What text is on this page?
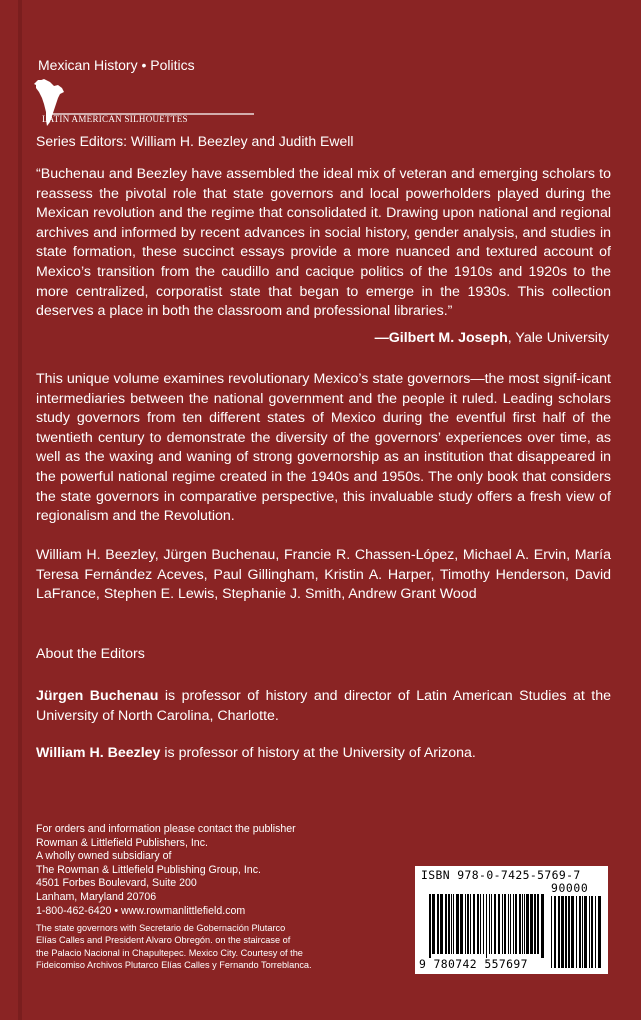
Mexican History • Politics
LATIN AMERICAN SILHOUETTES
Series Editors: William H. Beezley and Judith Ewell
“Buchenau and Beezley have assembled the ideal mix of veteran and emerging scholars to reassess the pivotal role that state governors and local powerholders played during the Mexican revolution and the regime that consolidated it. Drawing upon national and regional archives and informed by recent advances in social history, gender analysis, and studies in state formation, these succinct essays provide a more nuanced and textured account of Mexico’s transition from the caudillo and cacique politics of the 1910s and 1920s to the more centralized, corporatist state that began to emerge in the 1930s. This collection deserves a place in both the classroom and professional libraries.”
—Gilbert M. Joseph, Yale University
This unique volume examines revolutionary Mexico’s state governors—the most signif-icant intermediaries between the national government and the people it ruled. Leading scholars study governors from ten different states of Mexico during the eventful first half of the twentieth century to demonstrate the diversity of the governors’ experiences over time, as well as the waxing and waning of strong governorship as an institution that disappeared in the powerful national regime created in the 1940s and 1950s. The only book that considers the state governors in comparative perspective, this invaluable study offers a fresh view of regionalism and the Revolution.
William H. Beezley, Jürgen Buchenau, Francie R. Chassen-López, Michael A. Ervin, María Teresa Fernández Aceves, Paul Gillingham, Kristin A. Harper, Timothy Henderson, David LaFrance, Stephen E. Lewis, Stephanie J. Smith, Andrew Grant Wood
About the Editors
Jürgen Buchenau is professor of history and director of Latin American Studies at the University of North Carolina, Charlotte.
William H. Beezley is professor of history at the University of Arizona.
For orders and information please contact the publisher
Rowman & Littlefield Publishers, Inc.
A wholly owned subsidiary of
The Rowman & Littlefield Publishing Group, Inc.
4501 Forbes Boulevard, Suite 200
Lanham, Maryland 20706
1-800-462-6420 • www.rowmanlittlefield.com
The state governors with Secretario de Gobernación Plutarco
Elías Calles and President Alvaro Obregón. on the staircase of
the Palacio Nacional in Chapultepec. Mexico City. Courtesy of the
Fideicomiso Archivos Plutarco Elías Calles y Fernando Torreblanca.
ISBN 978-0-7425-5769-7
90000
9 780742 557697
